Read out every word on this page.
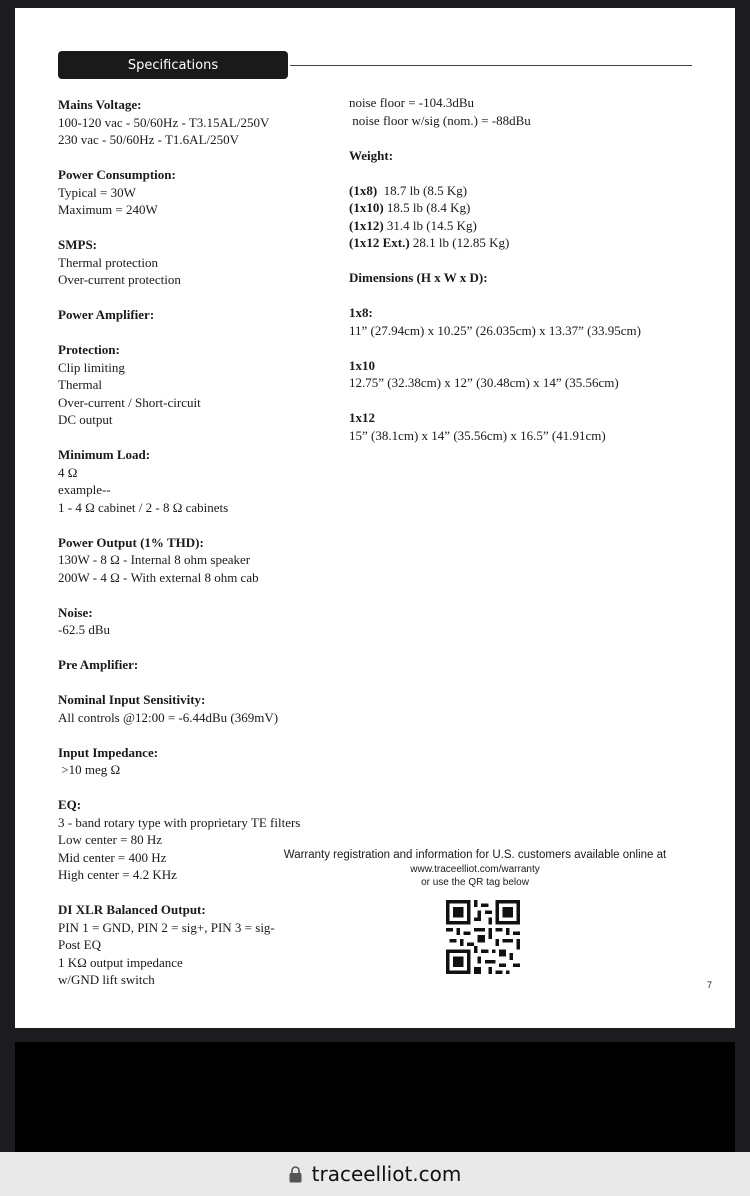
Specifications
Mains Voltage:
100-120 vac - 50/60Hz - T3.15AL/250V
230 vac - 50/60Hz - T1.6AL/250V
Power Consumption:
Typical = 30W
Maximum = 240W
SMPS:
Thermal protection
Over-current protection
Power Amplifier:
Protection:
Clip limiting
Thermal
Over-current / Short-circuit
DC output
Minimum Load:
4 Ω
example--
1 - 4 Ω cabinet / 2 - 8 Ω cabinets
Power Output (1% THD):
130W - 8 Ω - Internal 8 ohm speaker
200W - 4 Ω - With external 8 ohm cab
Noise:
-62.5 dBu
Pre Amplifier:
Nominal Input Sensitivity:
All controls @12:00 = -6.44dBu (369mV)
Input Impedance:
>10 meg Ω
EQ:
3 - band rotary type with proprietary TE filters
Low center = 80 Hz
Mid center = 400 Hz
High center = 4.2 KHz
DI XLR Balanced Output:
PIN 1 = GND, PIN 2 = sig+, PIN 3 = sig-
Post EQ
1 KΩ output impedance
w/GND lift switch
noise floor = -104.3dBu
noise floor w/sig (nom.) = -88dBu
Weight:
(1x8)  18.7 lb (8.5 Kg)
(1x10) 18.5 lb (8.4 Kg)
(1x12) 31.4 lb (14.5 Kg)
(1x12 Ext.) 28.1 lb (12.85 Kg)
Dimensions (H x W x D):
1x8:
11” (27.94cm) x 10.25” (26.035cm) x 13.37” (33.95cm)
1x10
12.75” (32.38cm) x 12” (30.48cm) x 14” (35.56cm)
1x12
15” (38.1cm) x 14” (35.56cm) x 16.5” (41.91cm)
Warranty registration and information for U.S. customers available online at
www.traceelliot.com/warranty
or use the QR tag below
7
traceelliot.com
